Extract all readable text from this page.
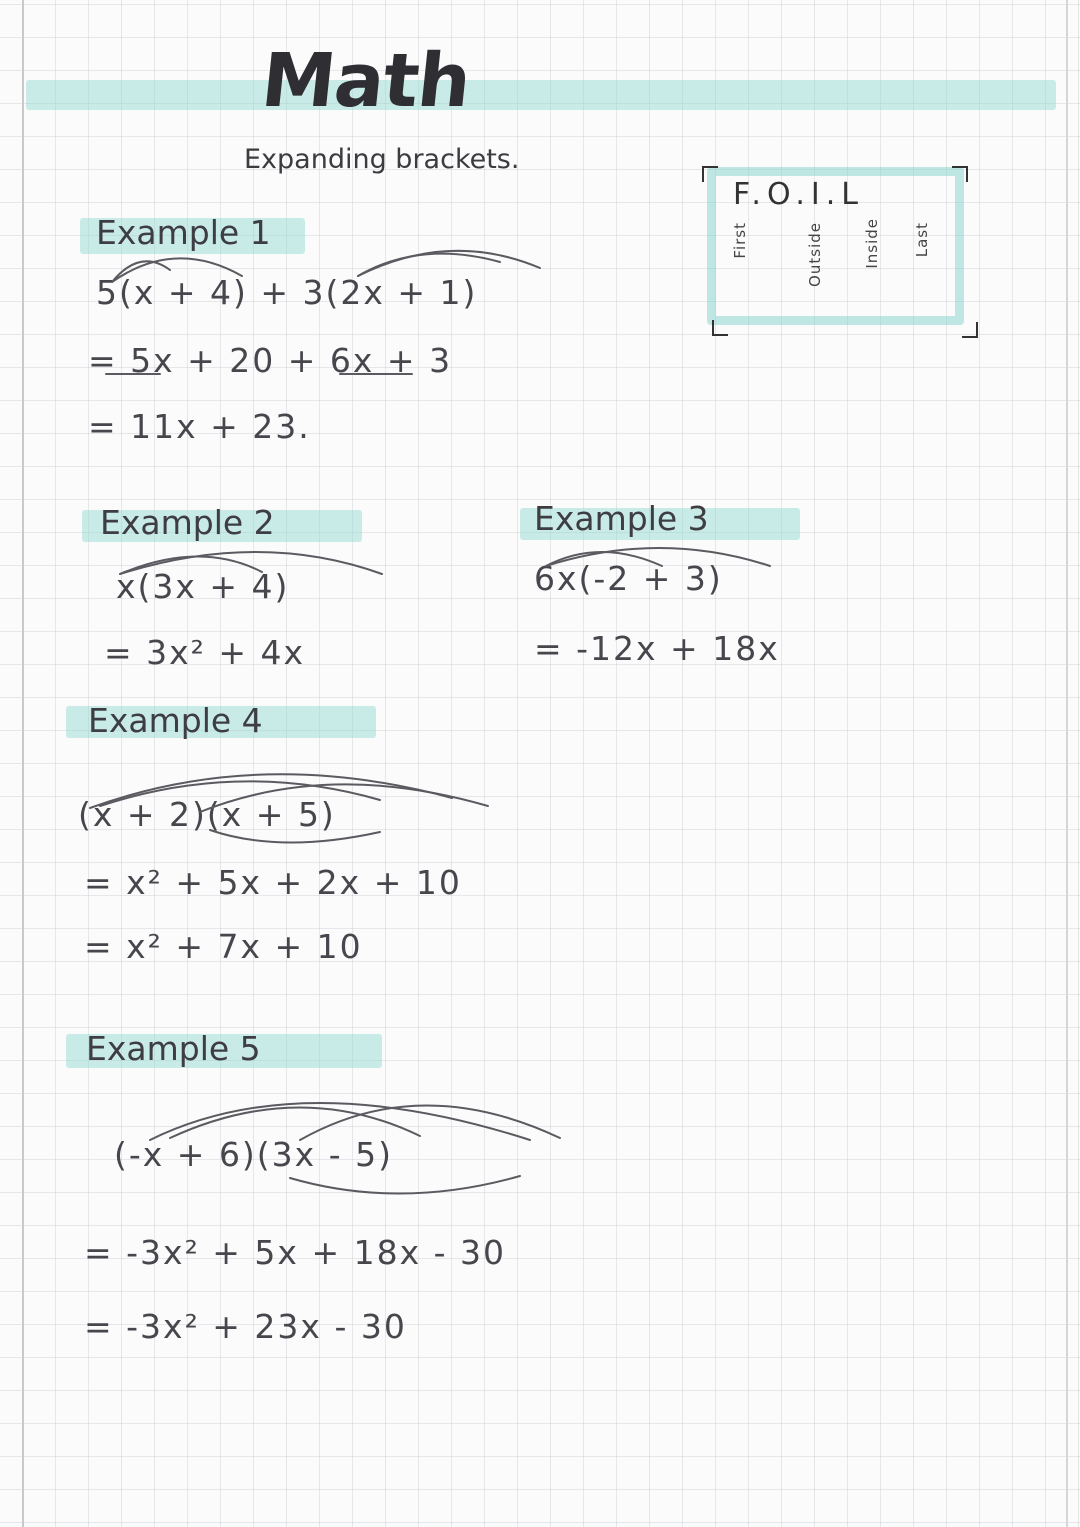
Math
Expanding brackets.
F.O.I.L
First	Outside	Inside Last
Example 1
5(x + 4) + 3(2x + 1)
= 5x + 20 + 6x + 3
= 11x + 23.
Example 2
x(3x + 4)
= 3x² + 4x
Example 3
6x(-2 + 3)
= -12x + 18x
Example 4
(x + 2)(x + 5)
= x² + 5x + 2x + 10
= x² + 7x + 10
Example 5
(-x + 6)(3x - 5)
= -3x² + 5x + 18x - 30
= -3x² + 23x - 30
